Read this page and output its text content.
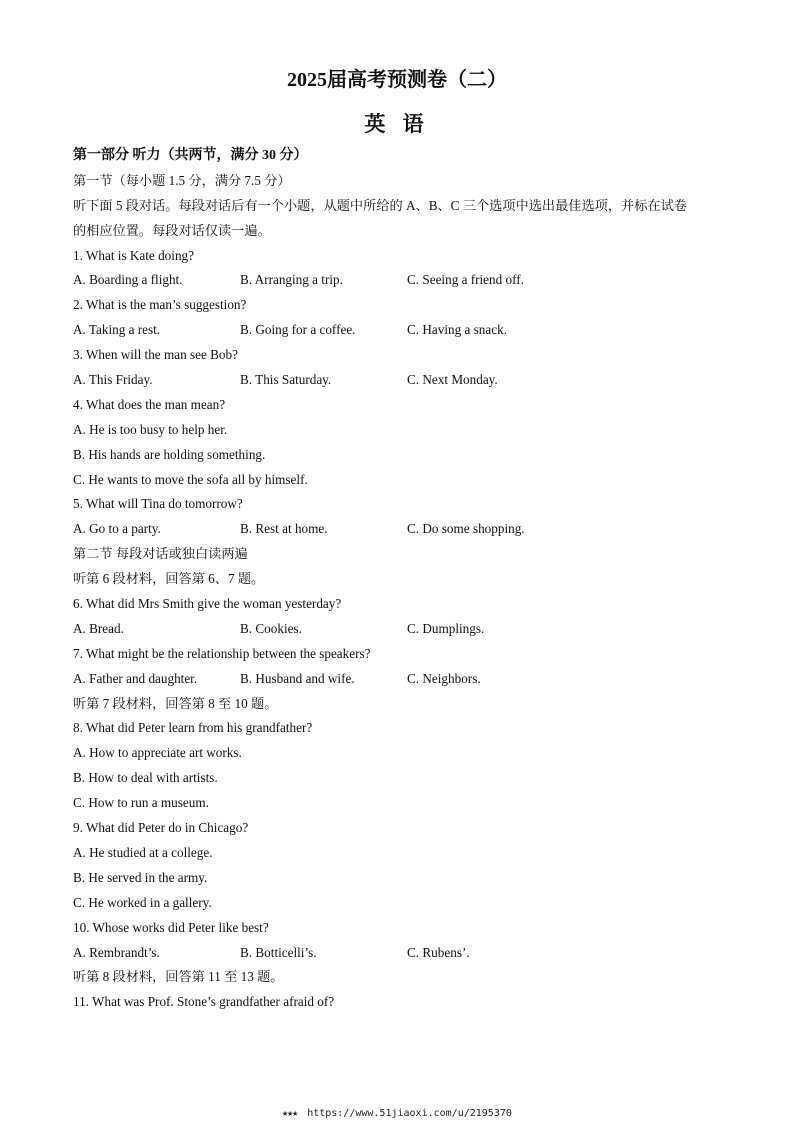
2025届高考预测卷（二）
英 语
第一部分 听力（共两节，满分 30 分）
第一节（每小题 1.5 分，满分 7.5 分）
听下面 5 段对话。每段对话后有一个小题，从题中所给的 A、B、C 三个选项中选出最佳选项，并标在试卷
的相应位置。每段对话仅读一遍。
1. What is Kate doing?
A. Boarding a flight.	B. Arranging a trip.	C. Seeing a friend off.
2. What is the man’s suggestion?
A. Taking a rest.	B. Going for a coffee.	C. Having a snack.
3. When will the man see Bob?
A. This Friday.	B. This Saturday.	C. Next Monday.
4. What does the man mean?
A. He is too busy to help her.
B. His hands are holding something.
C. He wants to move the sofa all by himself.
5. What will Tina do tomorrow?
A. Go to a party.	B. Rest at home.	C. Do some shopping.
第二节 每段对话或独白读两遍
听第 6 段材料，回答第 6、7 题。
6. What did Mrs Smith give the woman yesterday?
A. Bread.	B. Cookies.	C. Dumplings.
7. What might be the relationship between the speakers?
A. Father and daughter.	B. Husband and wife.	C. Neighbors.
听第 7 段材料，回答第 8 至 10 题。
8. What did Peter learn from his grandfather?
A. How to appreciate art works.
B. How to deal with artists.
C. How to run a museum.
9. What did Peter do in Chicago?
A. He studied at a college.
B. He served in the army.
C. He worked in a gallery.
10. Whose works did Peter like best?
A. Rembrandt’s.	B. Botticelli’s.	C. Rubens’.
听第 8 段材料，回答第 11 至 13 题。
11. What was Prof. Stone’s grandfather afraid of?
★★★ https://www.51jiaoxi.com/u/2195370
